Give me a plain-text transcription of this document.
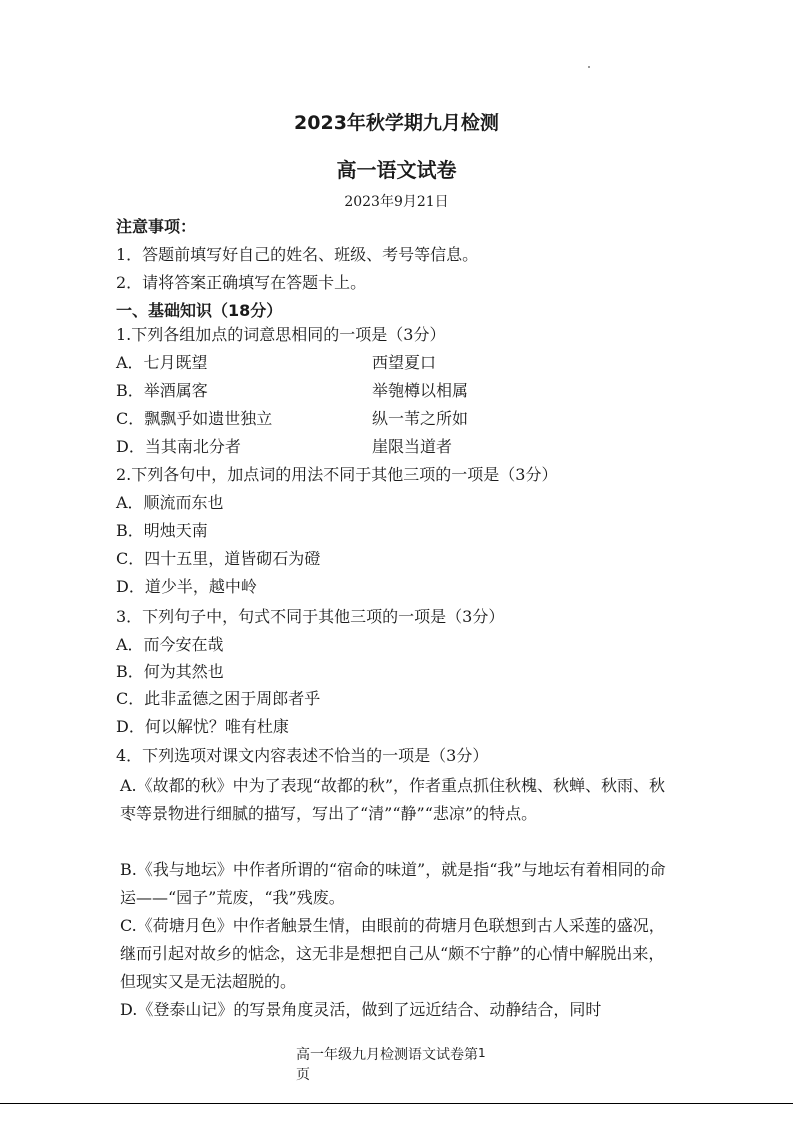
2023年秋学期九月检测
高一语文试卷
2023年9月21日
注意事项：
1．答题前填写好自己的姓名、班级、考号等信息。
2．请将答案正确填写在答题卡上。
一、基础知识（18分）
1.下列各组加点的词意思相同的一项是（3分）
A．七月既望	西望夏口
B．举酒属客	举匏樽以相属
C．飘飘乎如遗世独立	纵一苇之所如
D．当其南北分者	崖限当道者
2.下列各句中，加点词的用法不同于其他三项的一项是（3分）
A．顺流而东也
B．明烛天南
C．四十五里，道皆砌石为磴
D．道少半，越中岭
3．下列句子中，句式不同于其他三项的一项是（3分）
A．而今安在哉
B．何为其然也
C．此非孟德之困于周郎者乎
D．何以解忧？唯有杜康
4．下列选项对课文内容表述不恰当的一项是（3分）
A.《故都的秋》中为了表现“故都的秋”，作者重点抓住秋槐、秋蝉、秋雨、秋枣等景物进行细腻的描写，写出了“清”“静”“悲凉”的特点。
B.《我与地坛》中作者所谓的“宿命的味道”，就是指“我”与地坛有着相同的命运——“园子”荒废，“我”残废。
C.《荷塘月色》中作者触景生情，由眼前的荷塘月色联想到古人采莲的盛况，继而引起对故乡的惦念，这无非是想把自己从“颇不宁静”的心情中解脱出来，但现实又是无法超脱的。
D.《登泰山记》的写景角度灵活，做到了远近结合、动静结合，同时
高一年级九月检测语文试卷第1
页
